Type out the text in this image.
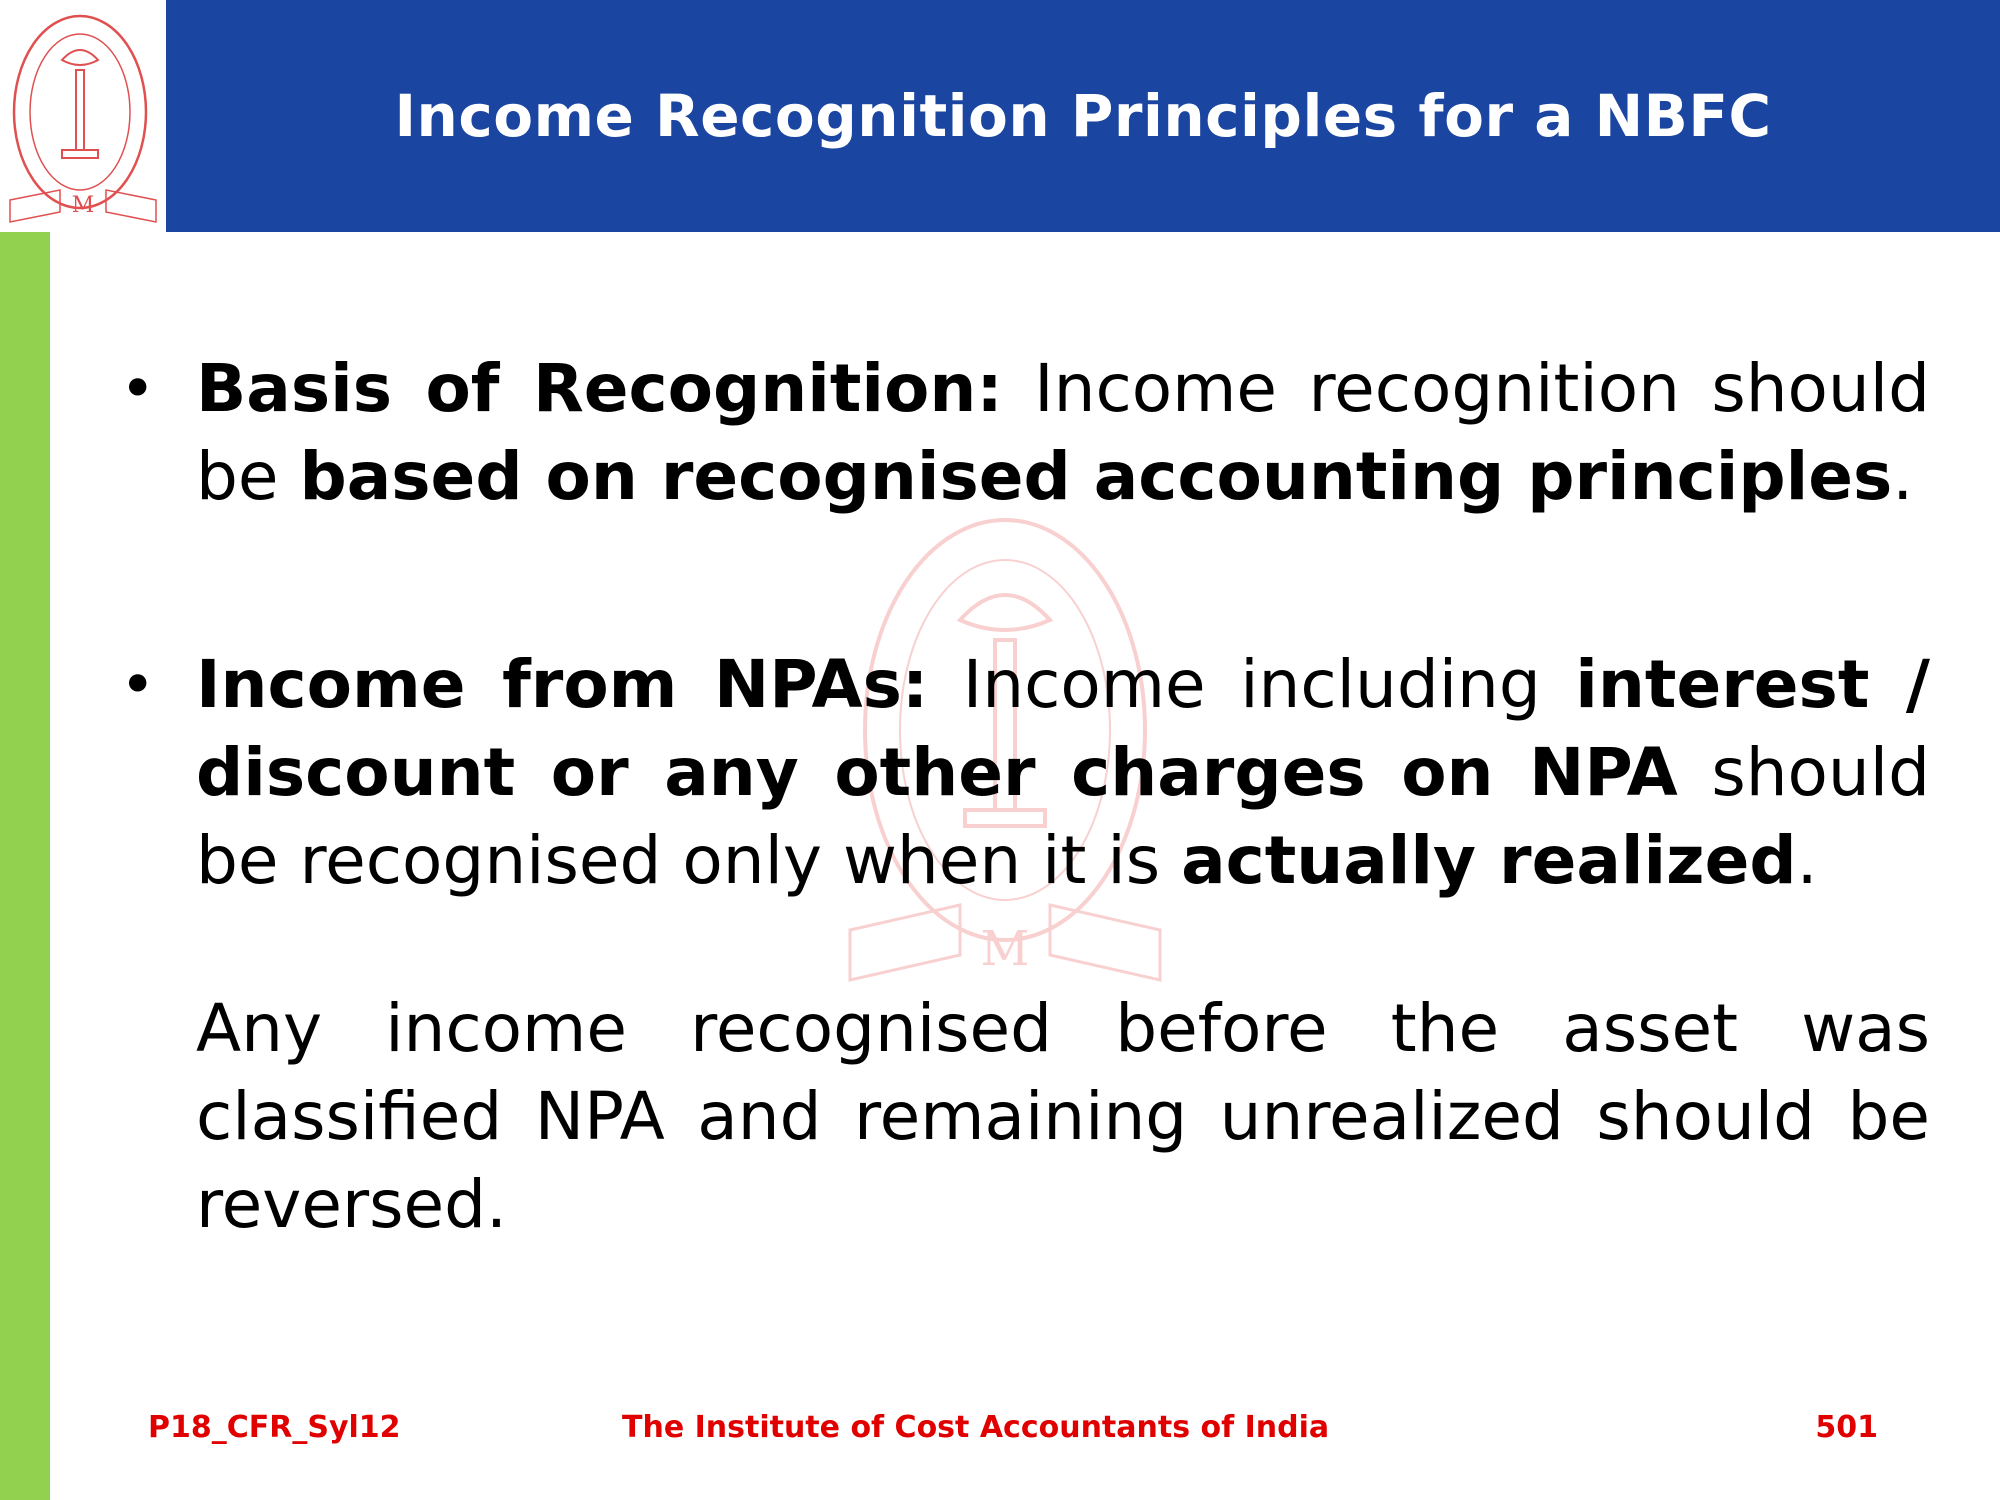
M
Income Recognition Principles for a NBFC
M
• Basis of Recognition: Income recognition should be based on recognised accounting principles.
• Income from NPAs: Income including interest / discount or any other charges on NPA should be recognised only when it is actually realized.
Any income recognised before the asset was classified NPA and remaining unrealized should be reversed.
P18_CFR_Syl12	The Institute of Cost Accountants of India	501
